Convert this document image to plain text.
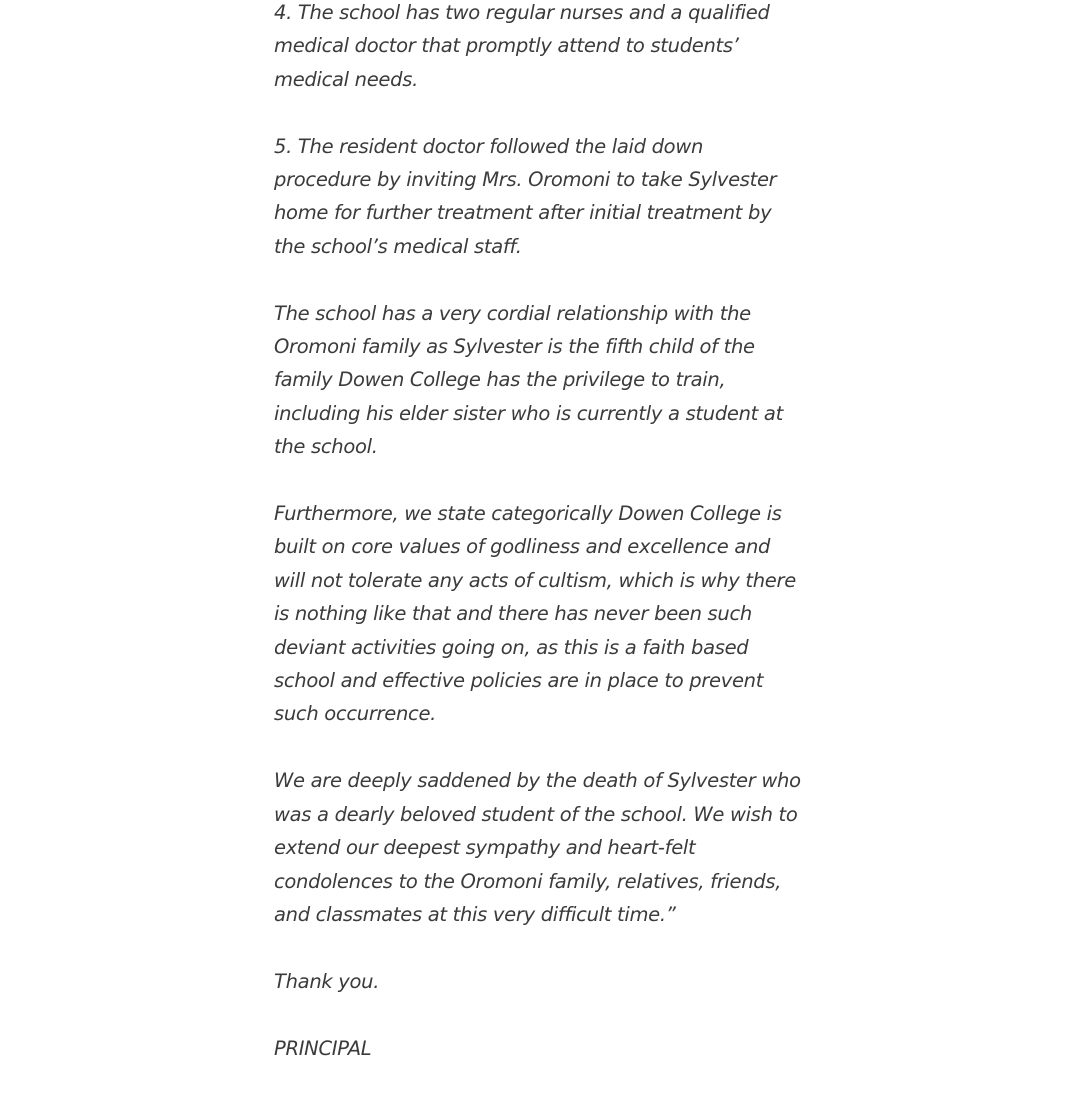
4. The school has two regular nurses and a qualified
medical doctor that promptly attend to students’
medical needs.

5. The resident doctor followed the laid down
procedure by inviting Mrs. Oromoni to take Sylvester
home for further treatment after initial treatment by
the school’s medical staff.

The school has a very cordial relationship with the
Oromoni family as Sylvester is the fifth child of the
family Dowen College has the privilege to train,
including his elder sister who is currently a student at
the school.

Furthermore, we state categorically Dowen College is
built on core values of godliness and excellence and
will not tolerate any acts of cultism, which is why there
is nothing like that and there has never been such
deviant activities going on, as this is a faith based
school and effective policies are in place to prevent
such occurrence.

We are deeply saddened by the death of Sylvester who
was a dearly beloved student of the school. We wish to
extend our deepest sympathy and heart-felt
condolences to the Oromoni family, relatives, friends,
and classmates at this very difficult time.”

Thank you.

PRINCIPAL
